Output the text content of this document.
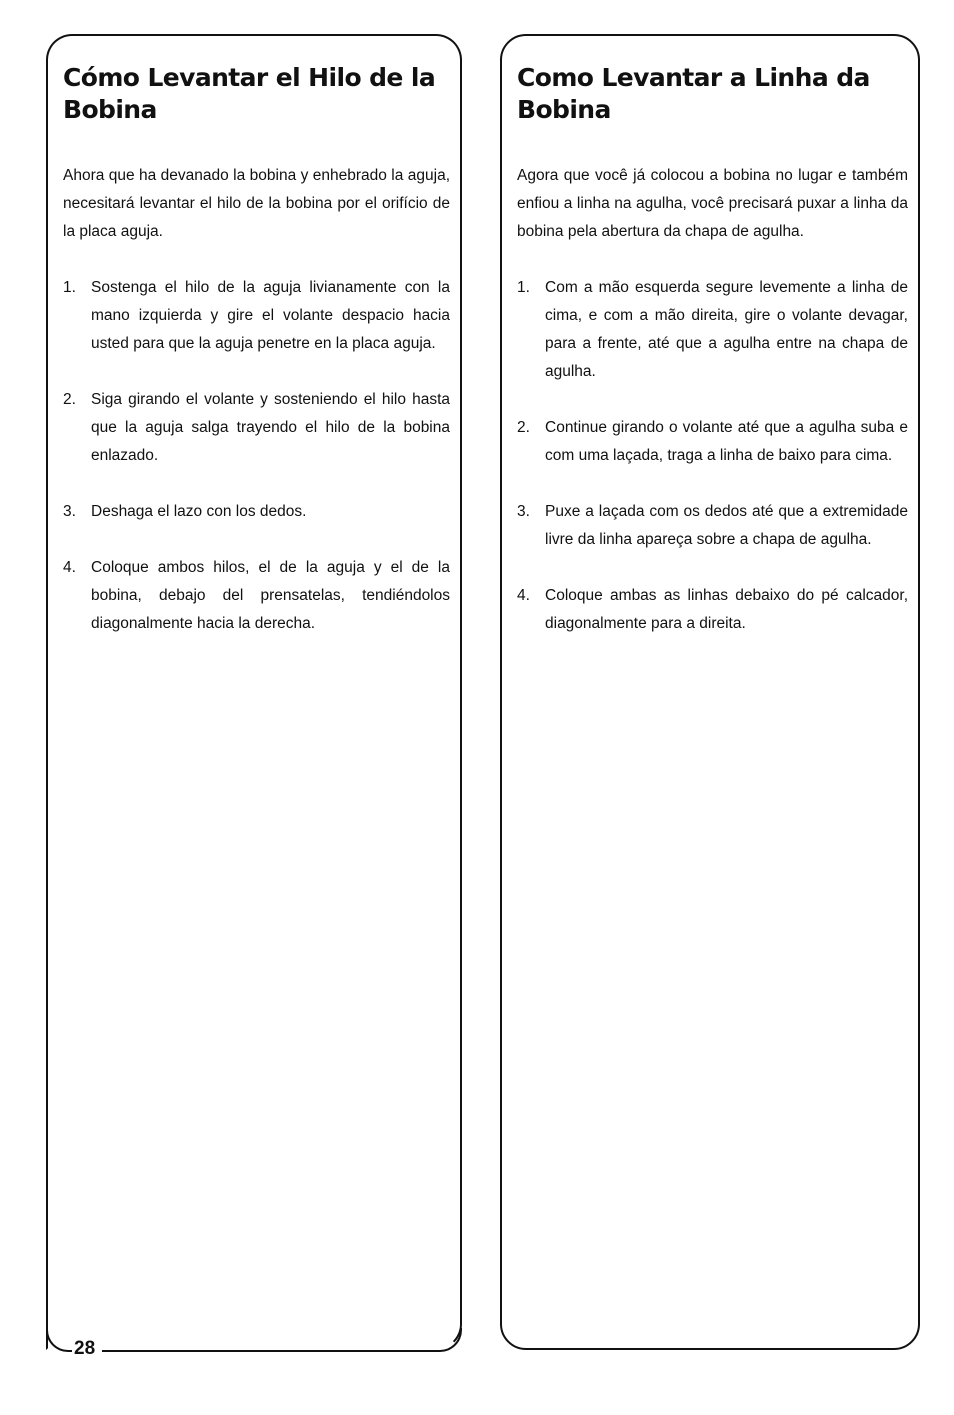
Cómo Levantar el Hilo de la Bobina

Ahora que ha devanado la bobina y enhebrado la aguja, necesitará levantar el hilo de la bobina por el orifício de la placa aguja.

1. Sostenga el hilo de la aguja livianamente con la mano izquierda y gire el volante despacio hacia usted para que la aguja penetre en la placa aguja.
2. Siga girando el volante y sosteniendo el hilo hasta que la aguja salga trayendo el hilo de la bobina enlazado.
3. Deshaga el lazo con los dedos.
4. Coloque ambos hilos, el de la aguja y el de la bobina, debajo del prensatelas, tendiéndolos diagonalmente hacia la derecha.
28
Como Levantar a Linha da Bobina

Agora que você já colocou a bobina no lugar e também enfiou a linha na agulha, você precisará puxar a linha da bobina pela abertura da chapa de agulha.

1. Com a mão esquerda segure levemente a linha de cima, e com a mão direita, gire o volante devagar, para a frente, até que a agulha entre na chapa de agulha.
2. Continue girando o volante até que a agulha suba e com uma laçada, traga a linha de baixo para cima.
3. Puxe a laçada com os dedos até que a extremidade livre da linha apareça sobre a chapa de agulha.
4. Coloque ambas as linhas debaixo do pé calcador, diagonalmente para a direita.
